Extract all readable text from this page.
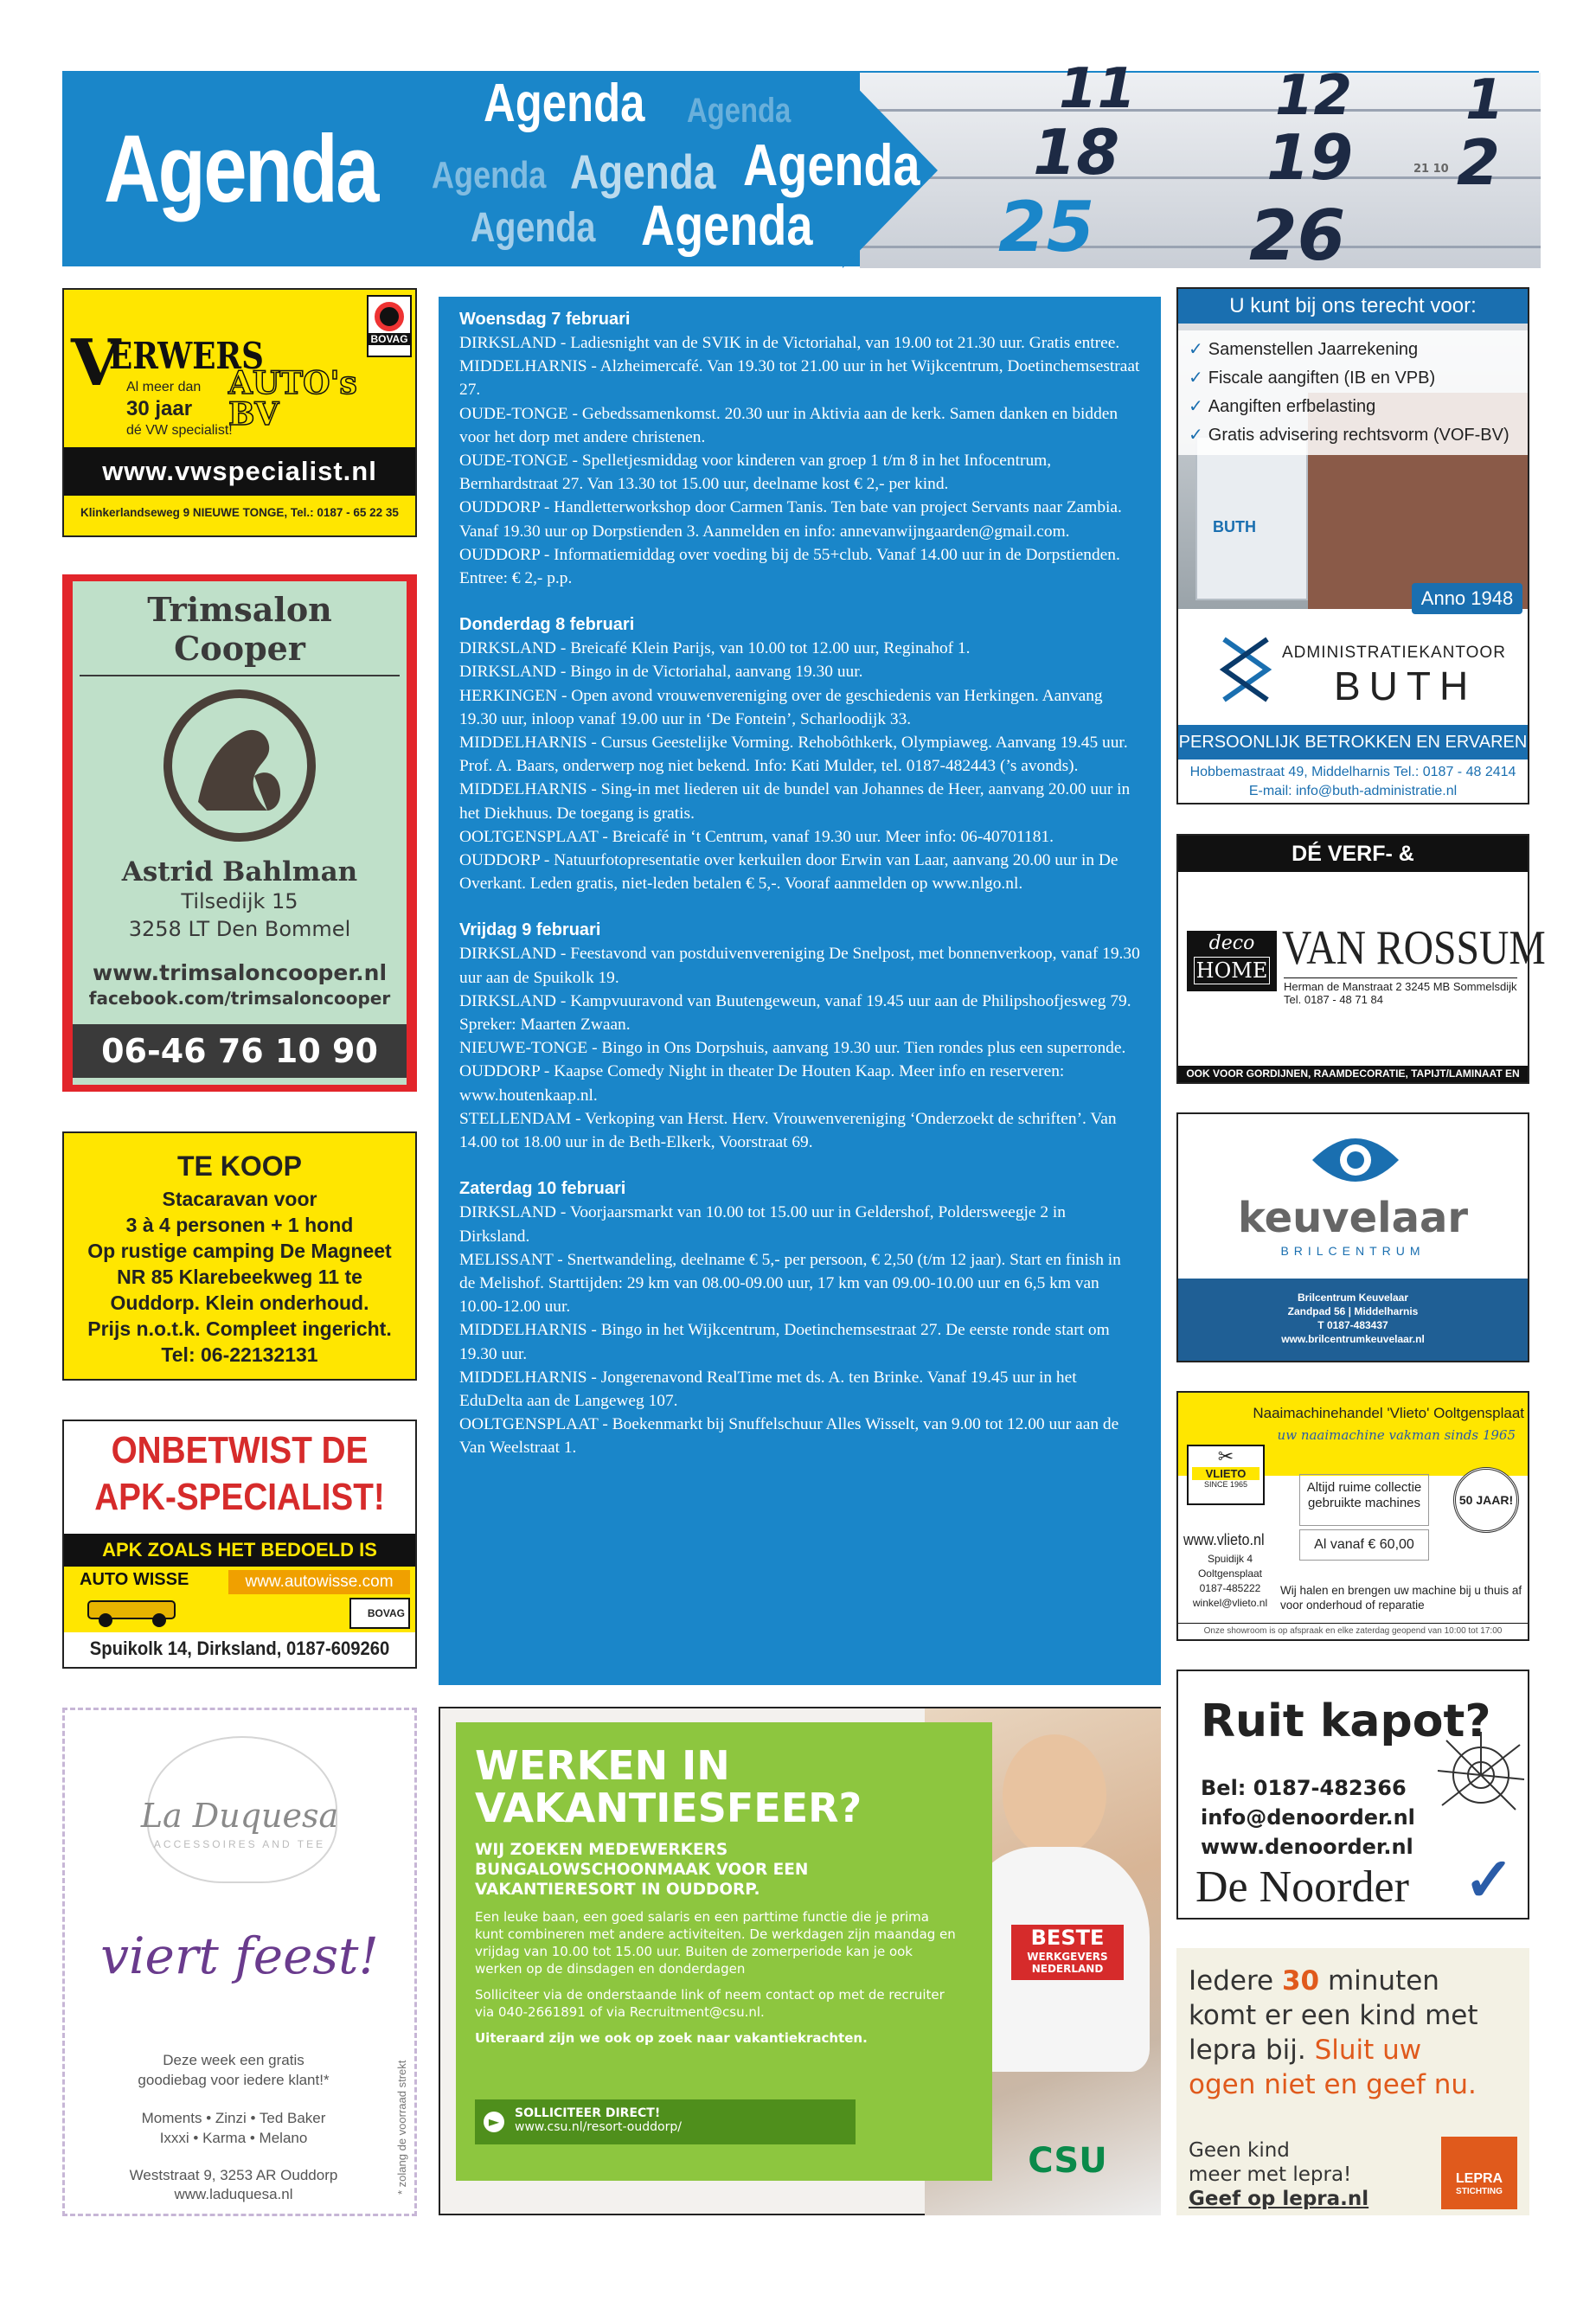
11	12 1
18 19 2
25 26
21 10
Agenda
Agenda Agenda
Agenda Agenda Agenda
Agenda Agenda
V
ERWERS
AUTO's BV
BOVAG
Al meer dan
30 jaar
dé VW specialist!
www.vwspecialist.nl
Klinkerlandseweg 9 NIEUWE TONGE, Tel.: 0187 - 65 22 35
Trimsalon Cooper
Astrid Bahlman
Tilsedijk 15
3258 LT Den Bommel
www.trimsaloncooper.nl
facebook.com/trimsaloncooper
06-46 76 10 90
TE KOOP
Stacaravan voor
3 à 4 personen + 1 hond
Op rustige camping De Magneet
NR 85 Klarebeekweg 11 te
Ouddorp. Klein onderhoud.
Prijs n.o.t.k. Compleet ingericht.
Tel: 06-22132131
ONBETWIST DE
APK-SPECIALIST!
APK ZOALS HET BEDOELD IS
AUTO WISSE	www.autowisse.com
BOVAG
Spuikolk 14, Dirksland, 0187-609260
La Duquesa
ACCESSOIRES AND TEE
viert feest!
Deze week een gratis
goodiebag voor iedere klant!*
Moments • Zinzi • Ted Baker
Ixxxi • Karma • Melano
Weststraat 9, 3253 AR Ouddorp
www.laduquesa.nl	* zolang de voorraad strekt
Woensdag 7 februari

DIRKSLAND - Ladiesnight van de SVIK in de Victoriahal, van 19.00 tot 21.30 uur. Gratis entree.

MIDDELHARNIS - Alzheimercafé. Van 19.30 tot 21.00 uur in het Wijkcentrum, Doetinchemsestraat 27.

OUDE-TONGE - Gebedssamenkomst. 20.30 uur in Aktivia aan de kerk. Samen danken en bidden voor het dorp met andere christenen.

OUDE-TONGE - Spelletjesmiddag voor kinderen van groep 1 t/m 8 in het Infocentrum, Bernhardstraat 27. Van 13.30 tot 15.00 uur, deelname kost € 2,- per kind.

OUDDORP - Handletterworkshop door Carmen Tanis. Ten bate van project Servants naar Zambia. Vanaf 19.30 uur op Dorpstienden 3. Aanmelden en info: annevanwijngaarden@gmail.com.

OUDDORP - Informatiemiddag over voeding bij de 55+club. Vanaf 14.00 uur in de Dorpstienden. Entree: € 2,- p.p.

Donderdag 8 februari

DIRKSLAND - Breicafé Klein Parijs, van 10.00 tot 12.00 uur, Reginahof 1.

DIRKSLAND - Bingo in de Victoriahal, aanvang 19.30 uur.

HERKINGEN - Open avond vrouwenvereniging over de geschiedenis van Herkingen. Aanvang 19.30 uur, inloop vanaf 19.00 uur in ‘De Fontein’, Scharloodijk 33.

MIDDELHARNIS - Cursus Geestelijke Vorming. Rehobôthkerk, Olympiaweg. Aanvang 19.45 uur. Prof. A. Baars, onderwerp nog niet bekend. Info: Kati Mulder, tel. 0187-482443 (’s avonds).

MIDDELHARNIS - Sing-in met liederen uit de bundel van Johannes de Heer, aanvang 20.00 uur in het Diekhuus. De toegang is gratis.

OOLTGENSPLAAT - Breicafé in ‘t Centrum, vanaf 19.30 uur. Meer info: 06-40701181.

OUDDORP - Natuurfotopresentatie over kerkuilen door Erwin van Laar, aanvang 20.00 uur in De Overkant. Leden gratis, niet-leden betalen € 5,-. Vooraf aanmelden op www.nlgo.nl.

Vrijdag 9 februari

DIRKSLAND - Feestavond van postduivenvereniging De Snelpost, met bonnenverkoop, vanaf 19.30 uur aan de Spuikolk 19.

DIRKSLAND - Kampvuuravond van Buutengeweun, vanaf 19.45 uur aan de Philipshoofjesweg 79. Spreker: Maarten Zwaan.

NIEUWE-TONGE - Bingo in Ons Dorpshuis, aanvang 19.30 uur. Tien rondes plus een superronde.

OUDDORP - Kaapse Comedy Night in theater De Houten Kaap. Meer info en reserveren: www.houtenkaap.nl.

STELLENDAM - Verkoping van Herst. Herv. Vrouwenvereniging ‘Onderzoekt de schriften’. Van 14.00 tot 18.00 uur in de Beth-Elkerk, Voorstraat 69.

Zaterdag 10 februari

DIRKSLAND - Voorjaarsmarkt van 10.00 tot 15.00 uur in Geldershof, Poldersweegje 2 in Dirksland.

MELISSANT - Snertwandeling, deelname € 5,- per persoon, € 2,50 (t/m 12 jaar). Start en finish in de Melishof. Starttijden: 29 km van 08.00-09.00 uur, 17 km van 09.00-10.00 uur en 6,5 km van 10.00-12.00 uur.

MIDDELHARNIS - Bingo in het Wijkcentrum, Doetinchemsestraat 27. De eerste ronde start om 19.30 uur.

MIDDELHARNIS - Jongerenavond RealTime met ds. A. ten Brinke. Vanaf 19.45 uur in het EduDelta aan de Langeweg 107.

OOLTGENSPLAAT - Boekenmarkt bij Snuffelschuur Alles Wisselt, van 9.00 tot 12.00 uur aan de Van Weelstraat 1.

WERKEN IN
VAKANTIESFEER?
WIJ ZOEKEN MEDEWERKERS BUNGALOWSCHOONMAAK VOOR EEN VAKANTIERESORT IN OUDDORP.
Een leuke baan, een goed salaris en een parttime functie die je prima kunt combineren met andere activiteiten. De werkdagen zijn maandag en vrijdag van 10.00 tot 15.00 uur. Buiten de zomerperiode kan je ook werken op de dinsdagen en donderdagen
Solliciteer via de onderstaande link of neem contact op met de recruiter via 040-2661891 of via Recruitment@csu.nl.
Uiteraard zijn we ook op zoek naar vakantiekrachten.
►	SOLLICITEER DIRECT!
www.csu.nl/resort-ouddorp/
BESTE
WERKGEVERS
NEDERLAND
CSU
U kunt bij ons terecht voor:
✓ Samenstellen Jaarrekening
✓ Fiscale aangiften (IB en VPB)
✓ Aangiften erfbelasting
✓ Gratis advisering rechtsvorm (VOF-BV)
BUTH
Anno 1948
ADMINISTRATIEKANTOOR
BUTH
PERSOONLIJK BETROKKEN EN ERVAREN
Hobbemastraat 49, Middelharnis Tel.: 0187 - 48 2414
E-mail: info@buth-administratie.nl
DÉ VERF- & BEHANGSPECIALIST
deco
HOME VAN ROSSUM
Herman de Manstraat 2 3245 MB Sommelsdijk
Tel. 0187 - 48 71 84
OOK VOOR GORDIJNEN, RAAMDECORATIE, TAPIJT/LAMINAAT EN GLAS
keuvelaar
BRILCENTRUM
Brilcentrum Keuvelaar
Zandpad 56 | Middelharnis
T 0187-483437
www.brilcentrumkeuvelaar.nl
Naaimachinehandel 'Vlieto' Ooltgensplaat
uw naaimachine vakman sinds 1965
✂
VLIETO
SINCE 1965	Altijd ruime collectie gebruikte machines
Al vanaf € 60,00
50 JAAR!
www.vlieto.nl
Spuidijk 4
Ooltgensplaat
0187-485222
winkel@vlieto.nl
Wij halen en brengen uw machine bij u thuis af voor onderhoud of reparatie
Onze showroom is op afspraak en elke zaterdag geopend van 10:00 tot 17:00
Ruit kapot?
Bel: 0187-482366
info@denoorder.nl
www.denoorder.nl
De Noorder ✓
Iedere 30 minuten
komt er een kind met
lepra bij. Sluit uw
ogen niet en geef nu.
Geen kind
meer met lepra!
Geef op lepra.nl
LEPRA
STICHTING
